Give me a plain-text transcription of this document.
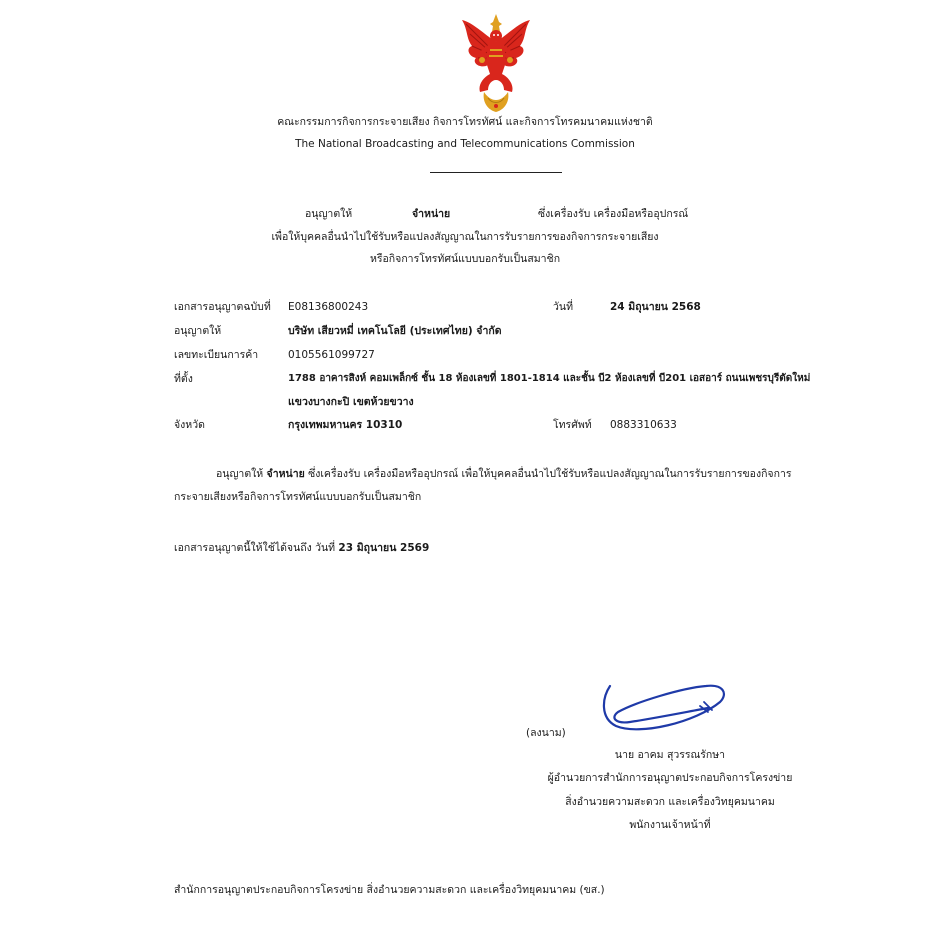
คณะกรรมการกิจการกระจายเสียง กิจการโทรทัศน์ และกิจการโทรคมนาคมแห่งชาติ
The National Broadcasting and Telecommunications Commission
อนุญาตให้	จำหน่าย	ซึ่งเครื่องรับ เครื่องมือหรืออุปกรณ์
เพื่อให้บุคคลอื่นนำไปใช้รับหรือแปลงสัญญาณในการรับรายการของกิจการกระจายเสียง
หรือกิจการโทรทัศน์แบบบอกรับเป็นสมาชิก
เอกสารอนุญาตฉบับที่ E08136800243	วันที่	24 มิถุนายน 2568
อนุญาตให้	บริษัท เสียวหมี่ เทคโนโลยี (ประเทศไทย) จำกัด
เลขทะเบียนการค้า	0105561099727
ที่ตั้ง	1788 อาคารสิงห์ คอมเพล็กซ์ ชั้น 18 ห้องเลขที่ 1801-1814 และชั้น บี2 ห้องเลขที่ บี201 เอสอาร์ ถนนเพชรบุรีตัดใหม่
แขวงบางกะปิ เขตห้วยขวาง
จังหวัด	กรุงเทพมหานคร 10310	โทรศัพท์ 0883310633
อนุญาตให้ จำหน่าย ซึ่งเครื่องรับ เครื่องมือหรืออุปกรณ์ เพื่อให้บุคคลอื่นนำไปใช้รับหรือแปลงสัญญาณในการรับรายการของกิจการ
กระจายเสียงหรือกิจการโทรทัศน์แบบบอกรับเป็นสมาชิก
เอกสารอนุญาตนี้ให้ใช้ได้จนถึง วันที่ 23 มิถุนายน 2569
(ลงนาม)
นาย อาคม สุวรรณรักษา
ผู้อำนวยการสำนักการอนุญาตประกอบกิจการโครงข่าย
สิ่งอำนวยความสะดวก และเครื่องวิทยุคมนาคม
พนักงานเจ้าหน้าที่
สำนักการอนุญาตประกอบกิจการโครงข่าย สิ่งอำนวยความสะดวก และเครื่องวิทยุคมนาคม (ขส.)
